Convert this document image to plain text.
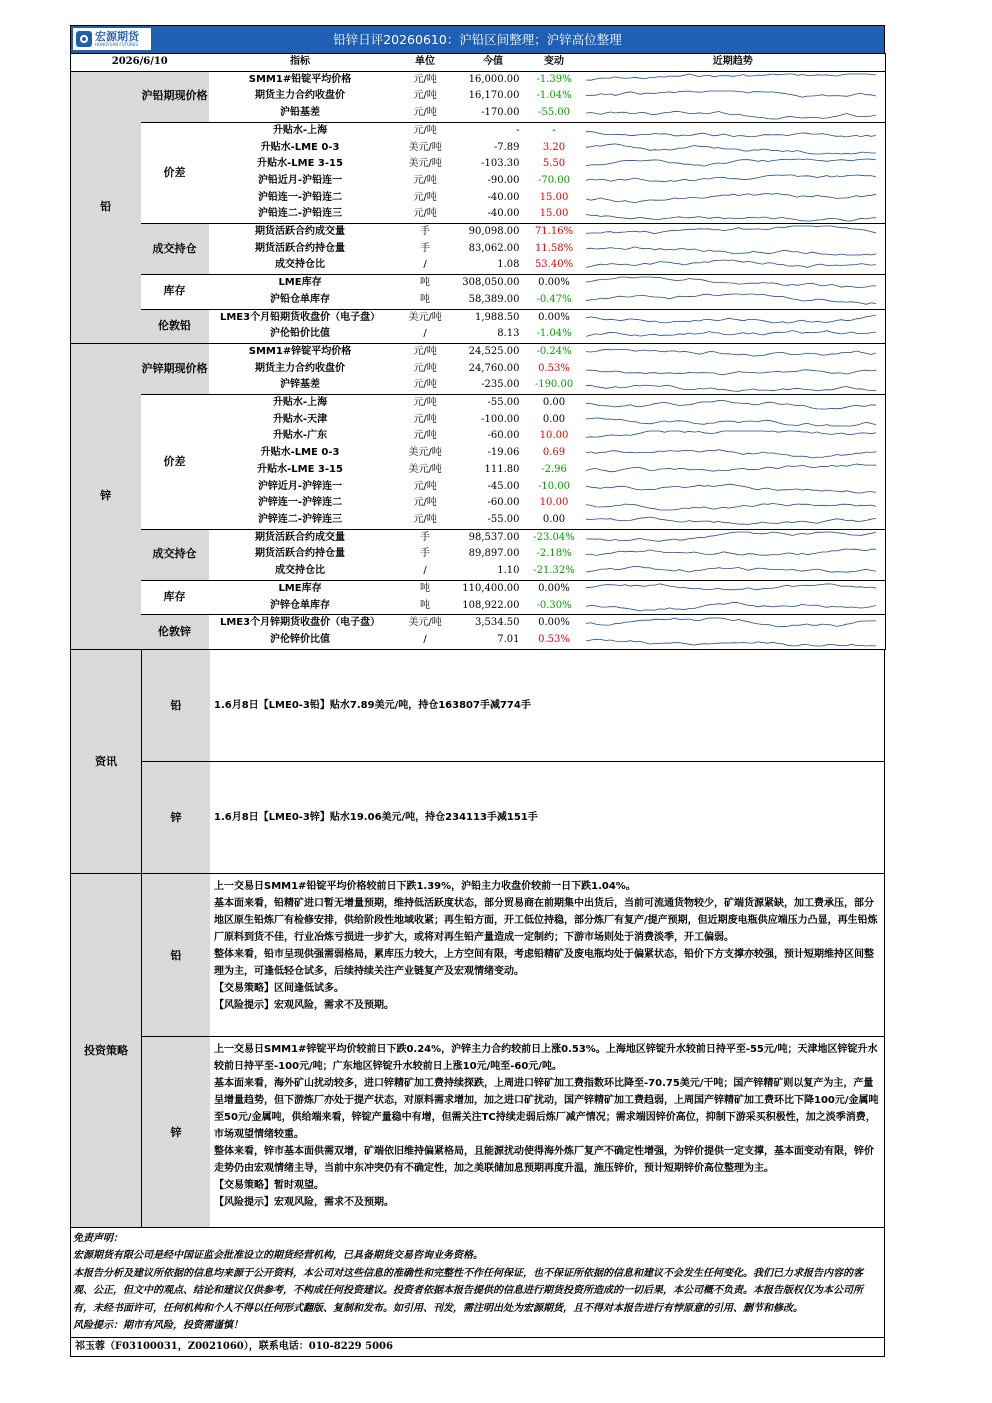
宏源期货
HONGYUAN FUTURES	铅锌日评20260610：沪铅区间整理；沪锌高位整理
2026/6/10		指标	单位	今值	变动	近期趋势
铅	沪铅期现价格	SMM1#铅锭平均价格	元/吨	16,000.00	-1.39%	

		期货主力合约收盘价	元/吨	16,170.00	-1.04%	

		沪铅基差	元/吨	-170.00	-55.00	

	价差	升贴水-上海	元/吨	-	-	

		升贴水-LME 0-3	美元/吨	-7.89	3.20	

		升贴水-LME 3-15	美元/吨	-103.30	5.50	

		沪铅近月-沪铅连一	元/吨	-90.00	-70.00	

		沪铅连一-沪铅连二	元/吨	-40.00	15.00	

		沪铅连二-沪铅连三	元/吨	-40.00	15.00	

	成交持仓	期货活跃合约成交量	手	90,098.00	71.16%	

		期货活跃合约持仓量	手	83,062.00	11.58%	

		成交持仓比	/	1.08	53.40%	

	库存	LME库存	吨	308,050.00	0.00%	

		沪铅仓单库存	吨	58,389.00	-0.47%	

	伦敦铅	LME3个月铅期货收盘价（电子盘）	美元/吨	1,988.50	0.00%	

		沪伦铅价比值	/	8.13	-1.04%	

锌	沪锌期现价格	SMM1#锌锭平均价格	元/吨	24,525.00	-0.24%	

		期货主力合约收盘价	元/吨	24,760.00	0.53%	

		沪锌基差	元/吨	-235.00	-190.00	

	价差	升贴水-上海	元/吨	-55.00	0.00	

		升贴水-天津	元/吨	-100.00	0.00	

		升贴水-广东	元/吨	-60.00	10.00	

		升贴水-LME 0-3	美元/吨	-19.06	0.69	

		升贴水-LME 3-15	美元/吨	111.80	-2.96	

		沪锌近月-沪锌连一	元/吨	-45.00	-10.00	

		沪锌连一-沪锌连二	元/吨	-60.00	10.00	

		沪锌连二-沪锌连三	元/吨	-55.00	0.00	

	成交持仓	期货活跃合约成交量	手	98,537.00	-23.04%	

		期货活跃合约持仓量	手	89,897.00	-2.18%	

		成交持仓比	/	1.10	-21.32%	

	库存	LME库存	吨	110,400.00	0.00%	

		沪锌仓单库存	吨	108,922.00	-0.30%	

	伦敦锌	LME3个月锌期货收盘价（电子盘）	美元/吨	3,534.50	0.00%	

		沪伦锌价比值	/	7.01	0.53%	
资讯
铅	1.6月8日【LME0-3铅】贴水7.89美元/吨，持仓163807手减774手
锌	1.6月8日【LME0-3锌】贴水19.06美元/吨，持仓234113手减151手
投资策略
铅

上一交易日SMM1#铅锭平均价格较前日下跌1.39%，沪铅主力收盘价较前一日下跌1.04%。

基本面来看，铅精矿进口暂无增量预期，维持低活跃度状态，部分贸易商在前期集中出货后，当前可流通货物较少，矿端货源紧缺，加工费承压，部分地区原生铅炼厂有检修安排，供给阶段性地域收紧；再生铅方面，开工低位持稳，部分炼厂有复产/提产预期，但近期废电瓶供应端压力凸显，再生铅炼厂原料到货不佳，行业冶炼亏损进一步扩大，或将对再生铅产量造成一定制约；下游市场则处于消费淡季，开工偏弱。

整体来看，铅市呈现供强需弱格局，累库压力较大，上方空间有限，考虑铅精矿及废电瓶均处于偏紧状态，铅价下方支撑亦较强，预计短期维持区间整理为主，可逢低轻仓试多，后续持续关注产业链复产及宏观情绪变动。

【交易策略】区间逢低试多。

【风险提示】宏观风险，需求不及预期。

锌

上一交易日SMM1#锌锭平均价较前日下跌0.24%，沪锌主力合约较前日上涨0.53%。上海地区锌锭升水较前日持平至-55元/吨；天津地区锌锭升水较前日持平至-100元/吨；广东地区锌锭升水较前日上涨10元/吨至-60元/吨。

基本面来看，海外矿山扰动较多，进口锌精矿加工费持续探跌，上周进口锌矿加工费指数环比降至-70.75美元/干吨；国产锌精矿则以复产为主，产量呈增量趋势，但下游炼厂亦处于提产状态，对原料需求增加，加之进口矿扰动，国产锌精矿加工费趋弱，上周国产锌精矿加工费环比下降100元/金属吨至50元/金属吨，供给端来看，锌锭产量稳中有增，但需关注TC持续走弱后炼厂减产情况；需求端因锌价高位，抑制下游采买积极性，加之淡季消费，市场观望情绪较重。

整体来看，锌市基本面供需双增，矿端依旧维持偏紧格局，且能源扰动使得海外炼厂复产不确定性增强，为锌价提供一定支撑，基本面变动有限，锌价走势仍由宏观情绪主导，当前中东冲突仍有不确定性，加之美联储加息预期再度升温，施压锌价，预计短期锌价高位整理为主。

【交易策略】暂时观望。

【风险提示】宏观风险，需求不及预期。

免责声明：
宏源期货有限公司是经中国证监会批准设立的期货经营机构，已具备期货交易咨询业务资格。
本报告分析及建议所依据的信息均来源于公开资料，本公司对这些信息的准确性和完整性不作任何保证，也不保证所依据的信息和建议不会发生任何变化。我们已力求报告内容的客观、公正，但文中的观点、结论和建议仅供参考，不构成任何投资建议。投资者依据本报告提供的信息进行期货投资所造成的一切后果，本公司概不负责。本报告版权仅为本公司所有，未经书面许可，任何机构和个人不得以任何形式翻版、复制和发布。如引用、刊发，需注明出处为宏源期货，且不得对本报告进行有悖原意的引用、删节和修改。
风险提示：期市有风险，投资需谨慎！
祁玉蓉（F03100031，Z0021060），联系电话：010-8229 5006
